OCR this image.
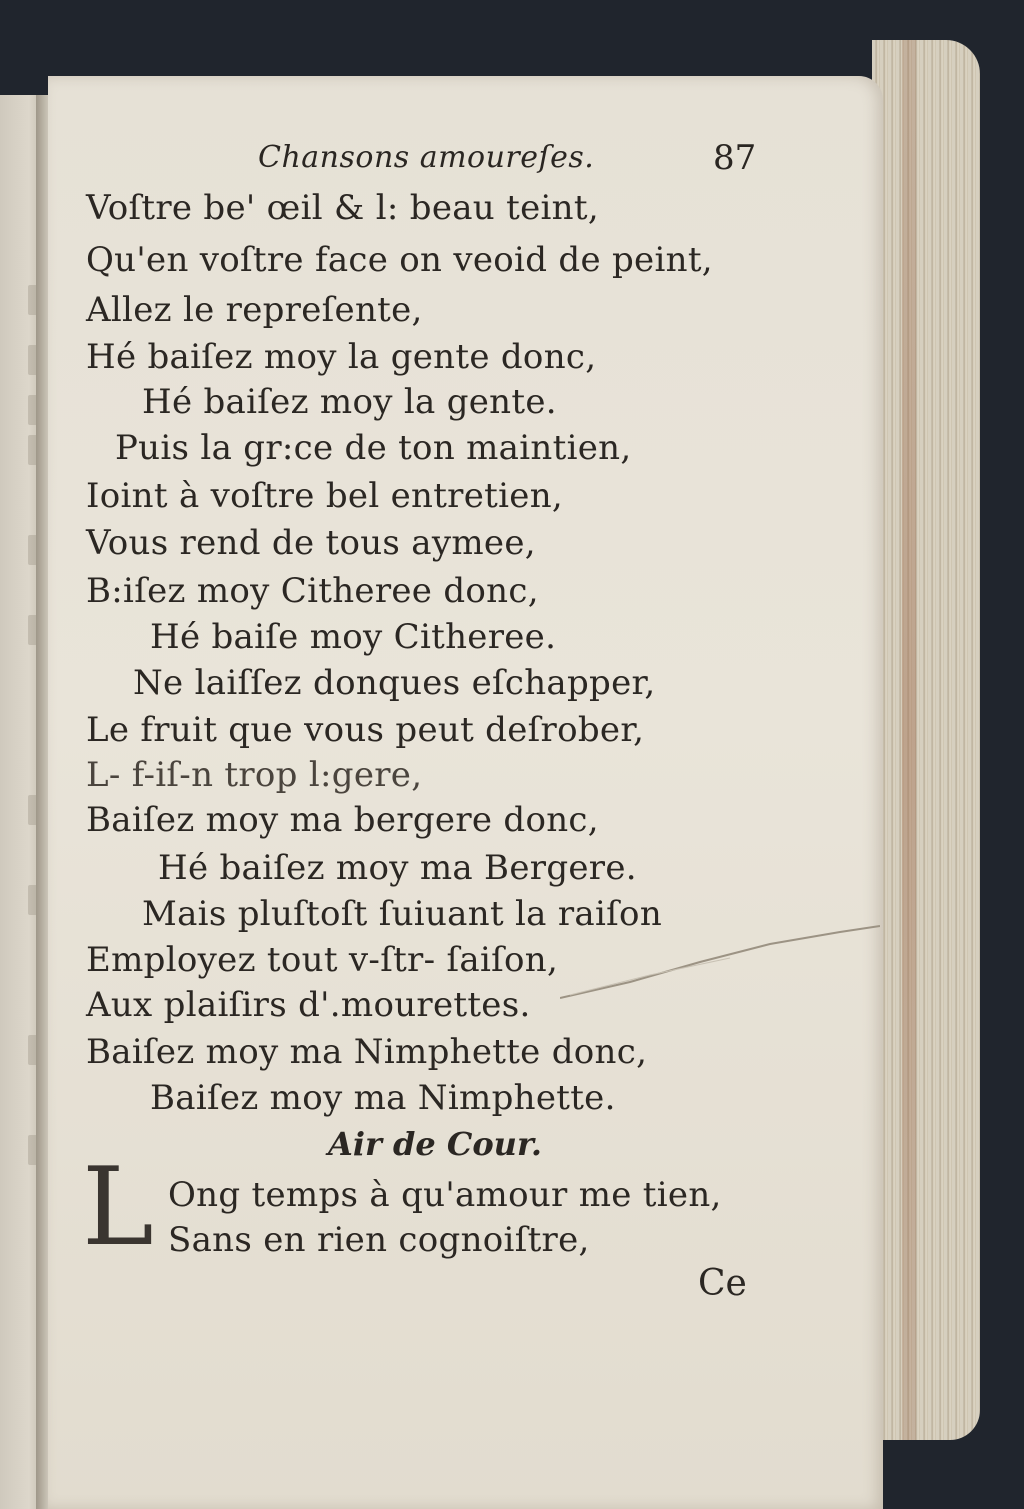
Chansons amoureſes.	87
Voſtre be' œil & l: beau teint,
Qu'en voſtre face on veoid de peint,
Allez le repreſente,
Hé baiſez moy la gente donc,
Hé baiſez moy la gente.
Puis la gr:ce de ton maintien,
Ioint à voſtre bel entretien,
Vous rend de tous aymee,
B:iſez moy Citheree donc,
Hé baiſe moy Citheree.
Ne laiſſez donques eſchapper,
Le fruit que vous peut deſrober,
L- f-iſ-n trop l:gere,
Baiſez moy ma bergere donc,
Hé baiſez moy ma Bergere.
Mais pluſtoſt ſuiuant la raiſon
Employez tout v-ſtr- ſaiſon,
Aux plaiſirs d'.mourettes.
Baiſez moy ma Nimphette donc,
Baiſez moy ma Nimphette.
Air de Cour.
L Ong temps à qu'amour me tien,
Sans en rien cognoiſtre,
Ce
